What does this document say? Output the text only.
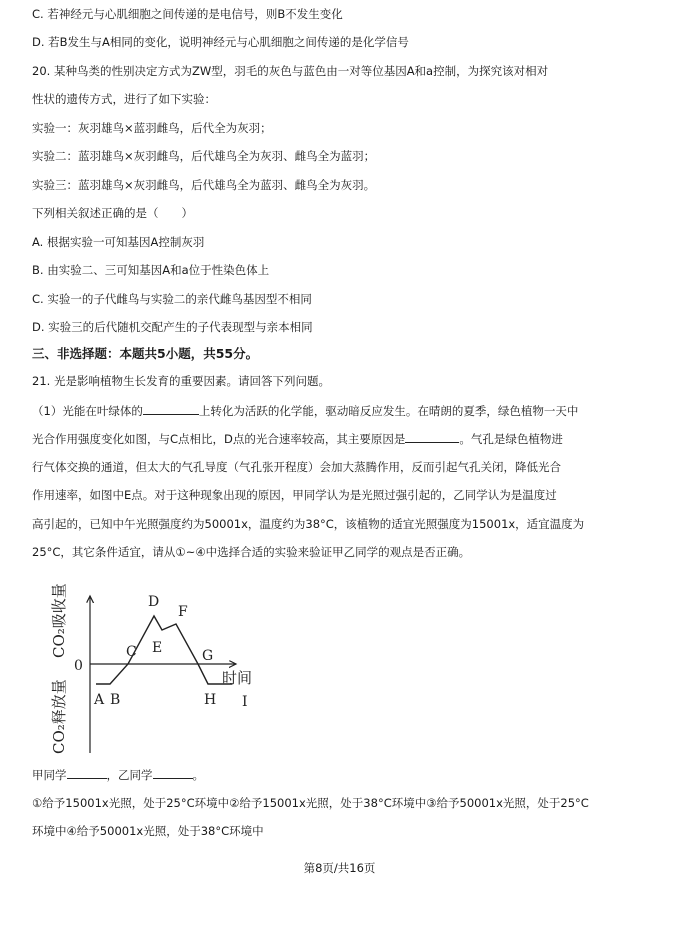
C. 若神经元与心肌细胞之间传递的是电信号，则B不发生变化
D. 若B发生与A相同的变化，说明神经元与心肌细胞之间传递的是化学信号
20. 某种鸟类的性别决定方式为ZW型，羽毛的灰色与蓝色由一对等位基因A和a控制，为探究该对相对
性状的遗传方式，进行了如下实验：
实验一：灰羽雄鸟×蓝羽雌鸟，后代全为灰羽；
实验二：蓝羽雄鸟×灰羽雌鸟，后代雄鸟全为灰羽、雌鸟全为蓝羽；
实验三：蓝羽雄鸟×灰羽雌鸟，后代雄鸟全为蓝羽、雌鸟全为灰羽。
下列相关叙述正确的是（　　）
A. 根据实验一可知基因A控制灰羽
B. 由实验二、三可知基因A和a位于性染色体上
C. 实验一的子代雌鸟与实验二的亲代雌鸟基因型不相同
D. 实验三的后代随机交配产生的子代表现型与亲本相同
三、非选择题：本题共5小题，共55分。
21. 光是影响植物生长发育的重要因素。请回答下列问题。
（1）光能在叶绿体的	上转化为活跃的化学能，驱动暗反应发生。在晴朗的夏季，绿色植物一天中
光合作用强度变化如图，与C点相比，D点的光合速率较高，其主要原因是	。气孔是绿色植物进
行气体交换的通道，但太大的气孔导度（气孔张开程度）会加大蒸腾作用，反而引起气孔关闭，降低光合
作用速率，如图中E点。对于这种现象出现的原因，甲同学认为是光照过强引起的，乙同学认为是温度过
高引起的，已知中午光照强度约为50001x，温度约为38°C，该植物的适宜光照强度为15001x，适宜温度为
25°C，其它条件适宜，请从①~④中选择合适的实验来验证甲乙同学的观点是否正确。
CO₂吸收量
CO₂释放量
0
时间
A B
C
D
E
F
G
H I
甲同学	，乙同学	。
①给予15001x光照，处于25°C环境中②给予15001x光照，处于38°C环境中③给予50001x光照，处于25°C
环境中④给予50001x光照，处于38°C环境中
第8页/共16页
